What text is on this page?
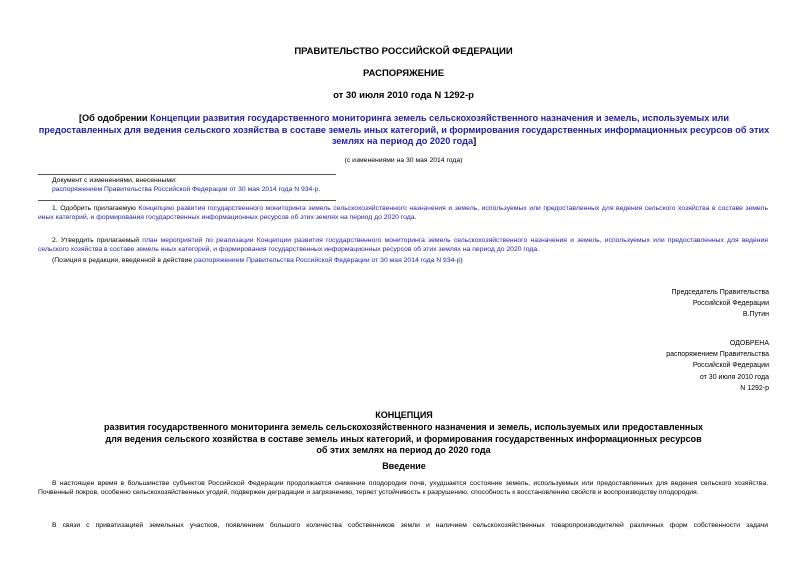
ПРАВИТЕЛЬСТВО РОССИЙСКОЙ ФЕДЕРАЦИИ
РАСПОРЯЖЕНИЕ
от 30 июля 2010 года N 1292-р
[Об одобрении Концепции развития государственного мониторинга земель сельскохозяйственного назначения и земель, используемых или предоставленных для ведения сельского хозяйства в составе земель иных категорий, и формирования государственных информационных ресурсов об этих землях на период до 2020 года]
(с изменениями на 30 мая 2014 года)
Документ с изменениями, внесенными:
распоряжением Правительства Российской Федерации от 30 мая 2014 года N 934-р.
1. Одобрить прилагаемую Концепцию развития государственного мониторинга земель сельскохозяйственного назначения и земель, используемых или предоставленных для ведения сельского хозяйства в составе земель иных категорий, и формирования государственных информационных ресурсов об этих землях на период до 2020 года.
2. Утвердить прилагаемый план мероприятий по реализации Концепции развития государственного мониторинга земель сельскохозяйственного назначения и земель, используемых или предоставленных для ведения сельского хозяйства в составе земель иных категорий, и формирования государственных информационных ресурсов об этих землях на период до 2020 года.
(Позиция в редакции, введенной в действие распоряжением Правительства Российской Федерации от 30 мая 2014 года N 934-р)
Председатель Правительства
Российской Федерации
В.Путин
ОДОБРЕНА
распоряжением Правительства
Российской Федерации
от 30 июля 2010 года
N 1292-р
КОНЦЕПЦИЯ
развития государственного мониторинга земель сельскохозяйственного назначения и земель, используемых или предоставленных для ведения сельского хозяйства в составе земель иных категорий, и формирования государственных информационных ресурсов об этих землях на период до 2020 года
Введение
В настоящее время в большинстве субъектов Российской Федерации продолжается снижение плодородия почв, ухудшается состояние земель, используемых или предоставленных для ведения сельского хозяйства. Почвенный покров, особенно сельскохозяйственных угодий, подвержен деградации и загрязнению, теряет устойчивость к разрушению, способность к восстановлению свойств и воспроизводству плодородия.
В связи с приватизацией земельных участков, появлением большого количества собственников земли и наличием сельскохозяйственных товаропроизводителей различных форм собственности задачи
